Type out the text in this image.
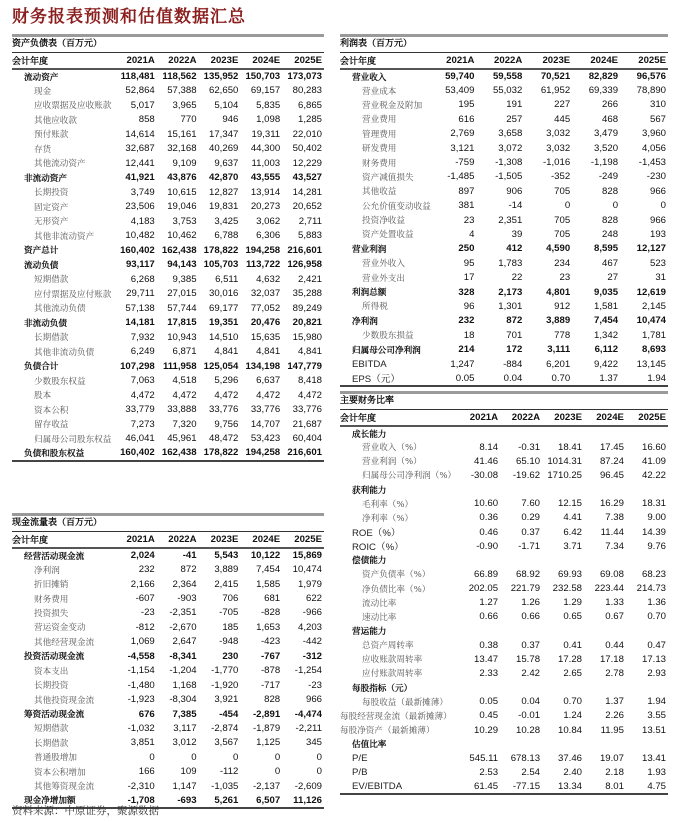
财务报表预测和估值数据汇总
资产负债表（百万元）
会计年度	2021A	2022A	2023E	2024E	2025E
流动资产	118,481	118,562	135,952	150,703	173,073
现金	52,864	57,388	62,650	69,157	80,283
应收票据及应收账款	5,017	3,965	5,104	5,835	6,865
其他应收款	858	770	946	1,098	1,285
预付账款	14,614	15,161	17,347	19,311	22,010
存货	32,687	32,168	40,269	44,300	50,402
其他流动资产	12,441	9,109	9,637	11,003	12,229
非流动资产	41,921	43,876	42,870	43,555	43,527
长期投资	3,749	10,615	12,827	13,914	14,281
固定资产	23,506	19,046	19,831	20,273	20,652
无形资产	4,183	3,753	3,425	3,062	2,711
其他非流动资产	10,482	10,462	6,788	6,306	5,883
资产总计	160,402	162,438	178,822	194,258	216,601
流动负债	93,117	94,143	105,703	113,722	126,958
短期借款	6,268	9,385	6,511	4,632	2,421
应付票据及应付账款	29,711	27,015	30,016	32,037	35,288
其他流动负债	57,138	57,744	69,177	77,052	89,249
非流动负债	14,181	17,815	19,351	20,476	20,821
长期借款	7,932	10,943	14,510	15,635	15,980
其他非流动负债	6,249	6,871	4,841	4,841	4,841
负债合计	107,298	111,958	125,054	134,198	147,779
少数股东权益	7,063	4,518	5,296	6,637	8,418
股本	4,472	4,472	4,472	4,472	4,472
资本公积	33,779	33,888	33,776	33,776	33,776
留存收益	7,273	7,320	9,756	14,707	21,687
归属母公司股东权益	46,041	45,961	48,472	53,423	60,404
负债和股东权益	160,402	162,438	178,822	194,258	216,601
现金流量表（百万元）
会计年度	2021A	2022A	2023E	2024E	2025E
经营活动现金流	2,024	-41	5,543	10,122	15,869
净利润	232	872	3,889	7,454	10,474
折旧摊销	2,166	2,364	2,415	1,585	1,979
财务费用	-607	-903	706	681	622
投资损失	-23	-2,351	-705	-828	-966
营运资金变动	-812	-2,670	185	1,653	4,203
其他经营现金流	1,069	2,647	-948	-423	-442
投资活动现金流	-4,558	-8,341	230	-767	-312
资本支出	-1,154	-1,204	-1,770	-878	-1,254
长期投资	-1,480	1,168	-1,920	-717	-23
其他投资现金流	-1,923	-8,304	3,921	828	966
筹资活动现金流	676	7,385	-454	-2,891	-4,474
短期借款	-1,032	3,117	-2,874	-1,879	-2,211
长期借款	3,851	3,012	3,567	1,125	345
普通股增加	0	0	0	0	0
资本公积增加	166	109	-112	0	0
其他筹资现金流	-2,310	1,147	-1,035	-2,137	-2,609
现金净增加额	-1,708	-693	5,261	6,507	11,126
利润表（百万元）
会计年度	2021A	2022A	2023E	2024E	2025E
营业收入	59,740	59,558	70,521	82,829	96,576
营业成本	53,409	55,032	61,952	69,339	78,890
营业税金及附加	195	191	227	266	310
营业费用	616	257	445	468	567
管理费用	2,769	3,658	3,032	3,479	3,960
研发费用	3,121	3,072	3,032	3,520	4,056
财务费用	-759	-1,308	-1,016	-1,198	-1,453
资产减值损失	-1,485	-1,505	-352	-249	-230
其他收益	897	906	705	828	966
公允价值变动收益	381	-14	0	0	0
投资净收益	23	2,351	705	828	966
资产处置收益	4	39	705	248	193
营业利润	250	412	4,590	8,595	12,127
营业外收入	95	1,783	234	467	523
营业外支出	17	22	23	27	31
利润总额	328	2,173	4,801	9,035	12,619
所得税	96	1,301	912	1,581	2,145
净利润	232	872	3,889	7,454	10,474
少数股东损益	18	701	778	1,342	1,781
归属母公司净利润	214	172	3,111	6,112	8,693
EBITDA	1,247	-884	6,201	9,422	13,145
EPS（元）	0.05	0.04	0.70	1.37	1.94
主要财务比率
会计年度	2021A	2022A	2023E	2024E	2025E
成长能力					
营业收入（%）	8.14	-0.31	18.41	17.45	16.60
营业利润（%）	41.46	65.10	1014.31	87.24	41.09
归属母公司净利润（%）	-30.08	-19.62	1710.25	96.45	42.22
获利能力					
毛利率（%）	10.60	7.60	12.15	16.29	18.31
净利率（%）	0.36	0.29	4.41	7.38	9.00
ROE（%）	0.46	0.37	6.42	11.44	14.39
ROIC（%）	-0.90	-1.71	3.71	7.34	9.76
偿债能力					
资产负债率（%）	66.89	68.92	69.93	69.08	68.23
净负债比率（%）	202.05	221.79	232.58	223.44	214.73
流动比率	1.27	1.26	1.29	1.33	1.36
速动比率	0.66	0.66	0.65	0.67	0.70
营运能力					
总资产周转率	0.38	0.37	0.41	0.44	0.47
应收账款周转率	13.47	15.78	17.28	17.18	17.13
应付账款周转率	2.33	2.42	2.65	2.78	2.93
每股指标（元）					
每股收益（最新摊薄）	0.05	0.04	0.70	1.37	1.94
每股经营现金流（最新摊薄）	0.45	-0.01	1.24	2.26	3.55
每股净资产（最新摊薄）	10.29	10.28	10.84	11.95	13.51
估值比率					
P/E	545.11	678.13	37.46	19.07	13.41
P/B	2.53	2.54	2.40	2.18	1.93
EV/EBITDA	61.45	-77.15	13.34	8.01	4.75
资料来源：中原证券，聚源数据
